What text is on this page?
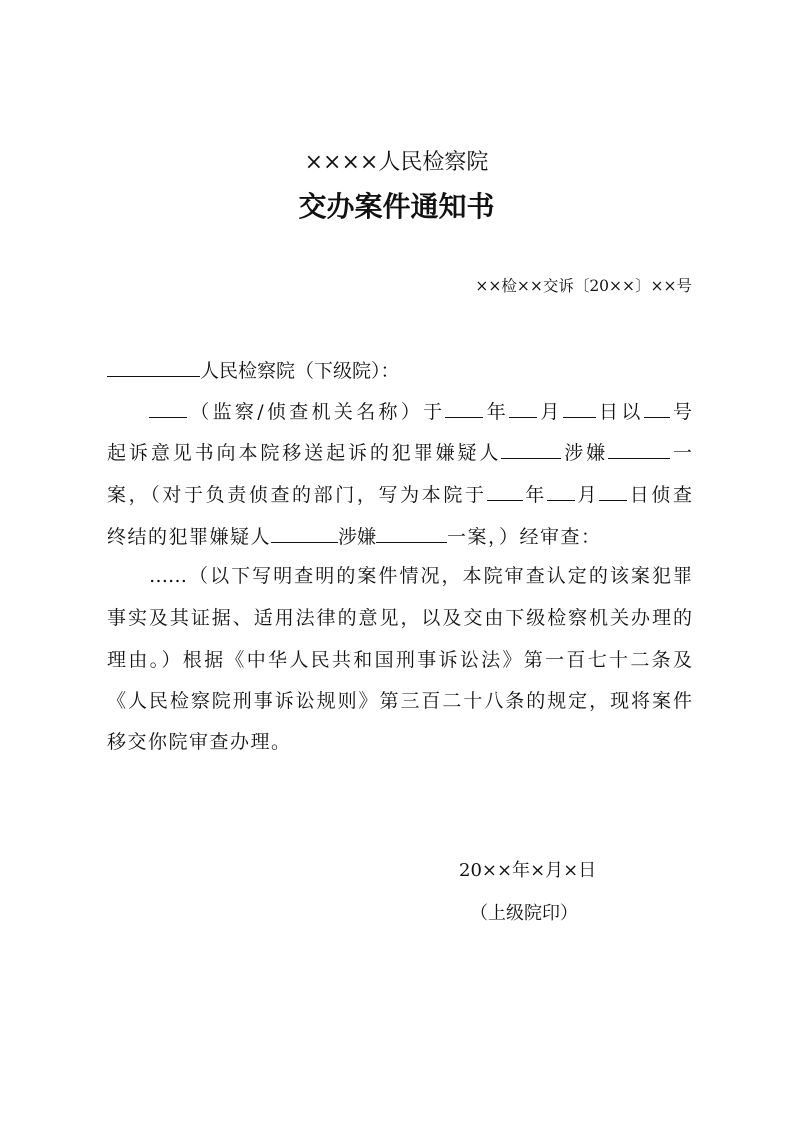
××××人民检察院
交办案件通知书
××检××交诉〔20××〕××号
人民检察院（下级院）：
（监察/侦查机关名称）于 年 月 日以 号
起诉意见书向本院移送起诉的犯罪嫌疑人	涉嫌	一
案，（对于负责侦查的部门，写为本院于 年 月 日侦查
终结的犯罪嫌疑人	涉嫌	一案，）经审查：
……（以下写明查明的案件情况，本院审查认定的该案犯罪
事实及其证据、适用法律的意见，以及交由下级检察机关办理的
理由。）根据《中华人民共和国刑事诉讼法》第一百七十二条及
《人民检察院刑事诉讼规则》第三百二十八条的规定，现将案件
移交你院审查办理。
20××年×月×日
（上级院印）
